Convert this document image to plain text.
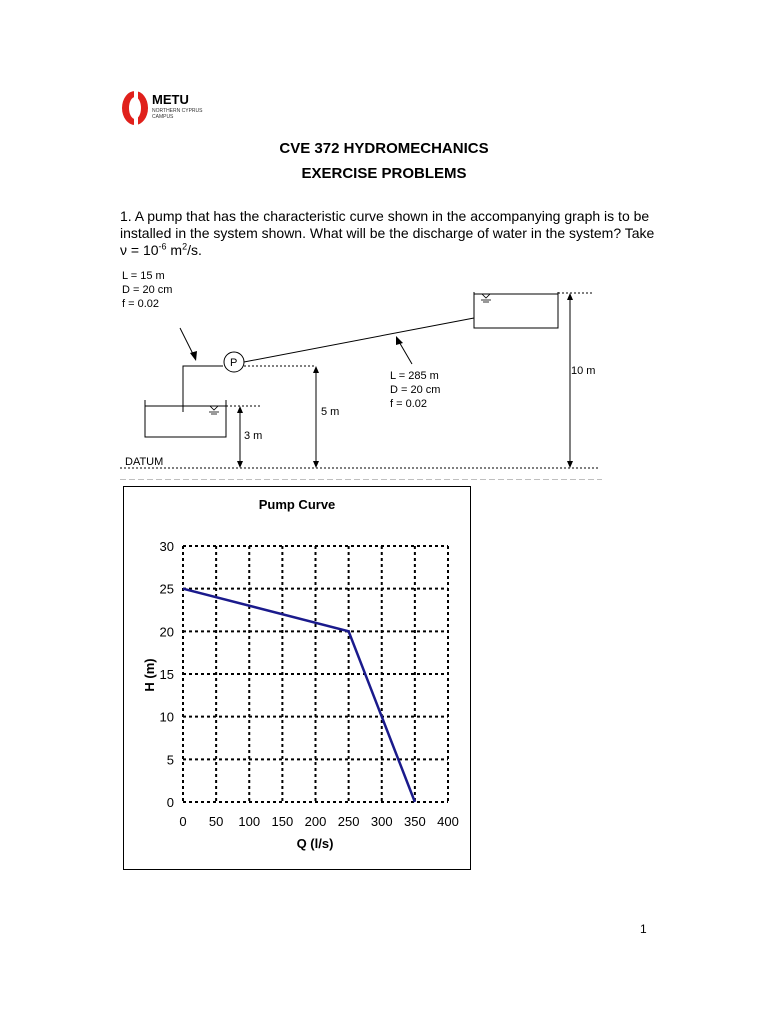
METU
NORTHERN CYPRUS
CAMPUS
CVE 372 HYDROMECHANICS
EXERCISE PROBLEMS
1. A pump that has the characteristic curve shown in the accompanying graph is to be installed in the system shown. What will be the discharge of water in the system? Take $\nu = 10^{-6}$ $m^2/s$.
P
L = 15 m
D = 20 cm
f = 0.02
L = 285 m
D = 20 cm
f = 0.02
3 m
5 m
10 m
DATUM
Pump Curve
0
5
10
15
20
25
30
0 50 100 150 200 250 300 350 400
H (m)
Q (l/s)
1
